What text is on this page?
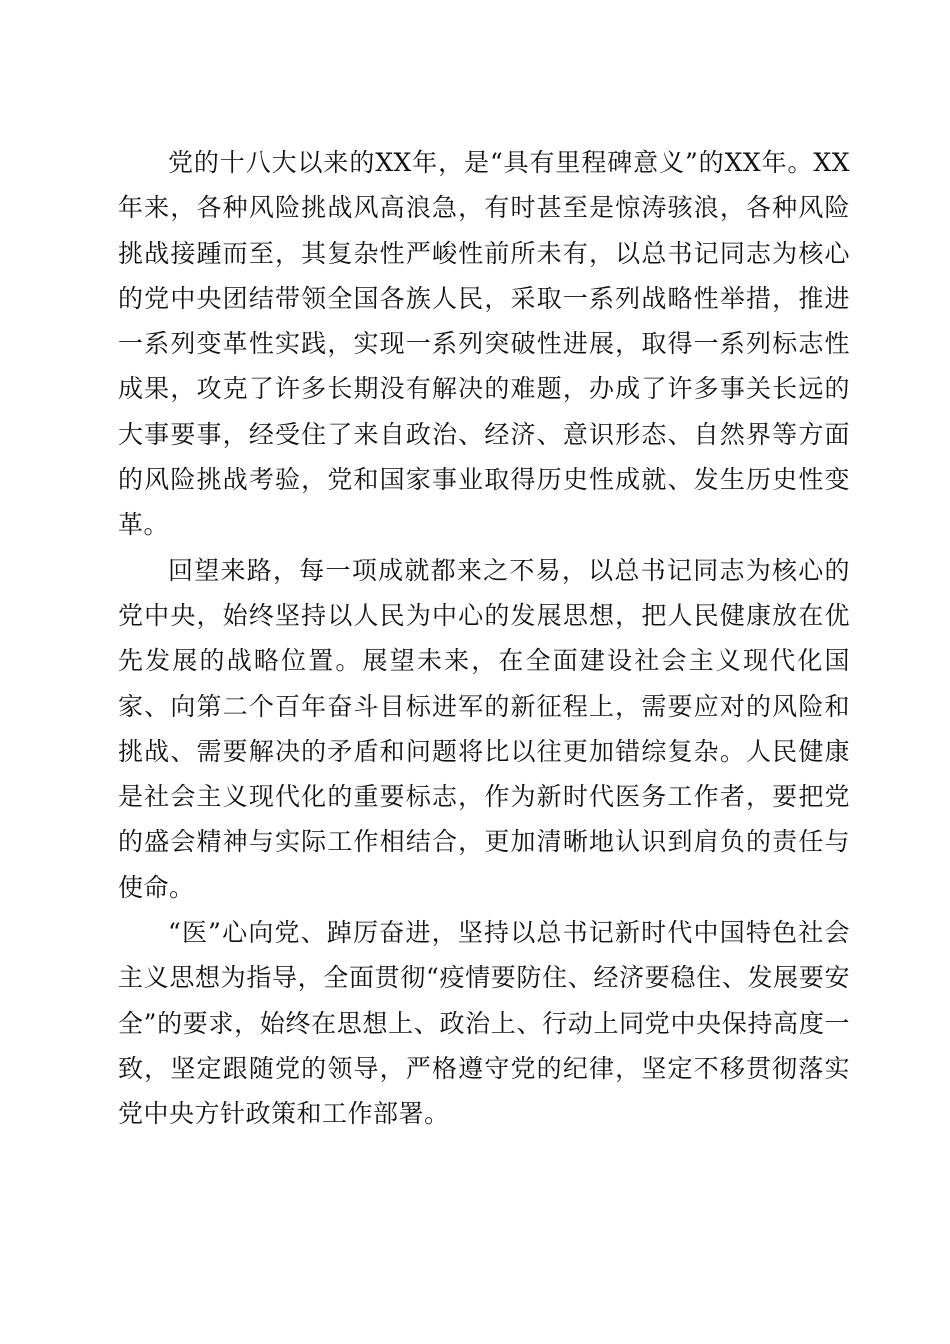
党的十八大以来的XX年，是“具有里程碑意义”的XX年。XX年来，各种风险挑战风高浪急，有时甚至是惊涛骇浪，各种风险挑战接踵而至，其复杂性严峻性前所未有，以总书记同志为核心的党中央团结带领全国各族人民，采取一系列战略性举措，推进一系列变革性实践，实现一系列突破性进展，取得一系列标志性成果，攻克了许多长期没有解决的难题，办成了许多事关长远的大事要事，经受住了来自政治、经济、意识形态、自然界等方面的风险挑战考验，党和国家事业取得历史性成就、发生历史性变革。

回望来路，每一项成就都来之不易，以总书记同志为核心的党中央，始终坚持以人民为中心的发展思想，把人民健康放在优先发展的战略位置。展望未来，在全面建设社会主义现代化国家、向第二个百年奋斗目标进军的新征程上，需要应对的风险和挑战、需要解决的矛盾和问题将比以往更加错综复杂。人民健康是社会主义现代化的重要标志，作为新时代医务工作者，要把党的盛会精神与实际工作相结合，更加清晰地认识到肩负的责任与使命。

“医”心向党、踔厉奋进，坚持以总书记新时代中国特色社会主义思想为指导，全面贯彻“疫情要防住、经济要稳住、发展要安全”的要求，始终在思想上、政治上、行动上同党中央保持高度一致，坚定跟随党的领导，严格遵守党的纪律，坚定不移贯彻落实党中央方针政策和工作部署。
